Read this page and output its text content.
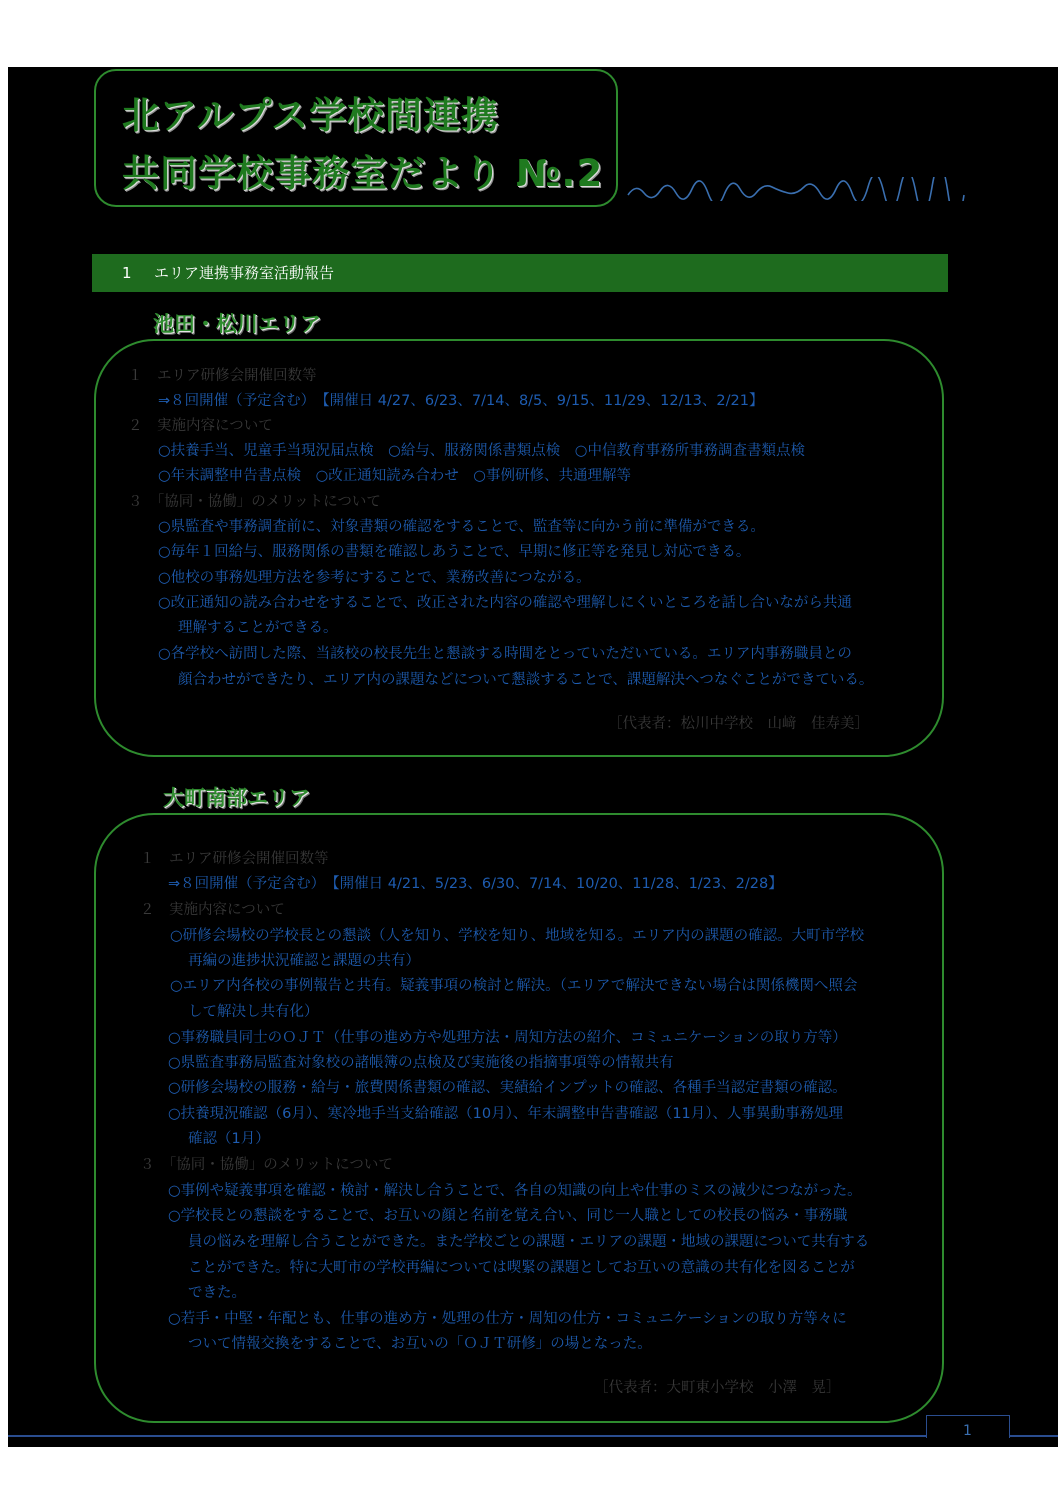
北アルプス学校間連携
共同学校事務室だより №.2
1 エリア連携事務室活動報告
池田・松川エリア
１　エリア研修会開催回数等
⇒８回開催（予定含む）　【開催日 4/27、6/23、7/14、8/5、9/15、11/29、12/13、2/21】
２　実施内容について
○扶養手当、児童手当現況届点検　○給与、服務関係書類点検　○中信教育事務所事務調査書類点検
○年末調整申告書点検　○改正通知読み合わせ　○事例研修、共通理解等
３　「協同・協働」のメリットについて
○県監査や事務調査前に、対象書類の確認をすることで、監査等に向かう前に準備ができる。
○毎年１回給与、服務関係の書類を確認しあうことで、早期に修正等を発見し対応できる。
○他校の事務処理方法を参考にすることで、業務改善につながる。
○改正通知の読み合わせをすることで、改正された内容の確認や理解しにくいところを話し合いながら共通
理解することができる。
○各学校へ訪問した際、当該校の校長先生と懇談する時間をとっていただいている。エリア内事務職員との
顔合わせができたり、エリア内の課題などについて懇談することで、課題解決へつなぐことができている。
［代表者：松川中学校　山﨑　佳寿美］
大町南部エリア
１　エリア研修会開催回数等
⇒８回開催（予定含む）　【開催日 4/21、5/23、6/30、7/14、10/20、11/28、1/23、2/28】
２　実施内容について
○研修会場校の学校長との懇談（人を知り、学校を知り、地域を知る。エリア内の課題の確認。大町市学校
再編の進捗状況確認と課題の共有）
○エリア内各校の事例報告と共有。疑義事項の検討と解決。（エリアで解決できない場合は関係機関へ照会
して解決し共有化）
○事務職員同士のＯＪＴ（仕事の進め方や処理方法・周知方法の紹介、コミュニケーションの取り方等）
○県監査事務局監査対象校の諸帳簿の点検及び実施後の指摘事項等の情報共有
○研修会場校の服務・給与・旅費関係書類の確認、実績給インプットの確認、各種手当認定書類の確認。
○扶養現況確認（6月）、寒冷地手当支給確認（10月）、年末調整申告書確認（11月）、人事異動事務処理
確認（1月）
３　「協同・協働」のメリットについて
○事例や疑義事項を確認・検討・解決し合うことで、各自の知識の向上や仕事のミスの減少につながった。
○学校長との懇談をすることで、お互いの顔と名前を覚え合い、同じ一人職としての校長の悩み・事務職
員の悩みを理解し合うことができた。また学校ごとの課題・エリアの課題・地域の課題について共有する
ことができた。特に大町市の学校再編については喫緊の課題としてお互いの意識の共有化を図ることが
できた。
○若手・中堅・年配とも、仕事の進め方・処理の仕方・周知の仕方・コミュニケーションの取り方等々に
ついて情報交換をすることで、お互いの「ＯＪＴ研修」の場となった。
［代表者：大町東小学校　小澤　晃］
1
